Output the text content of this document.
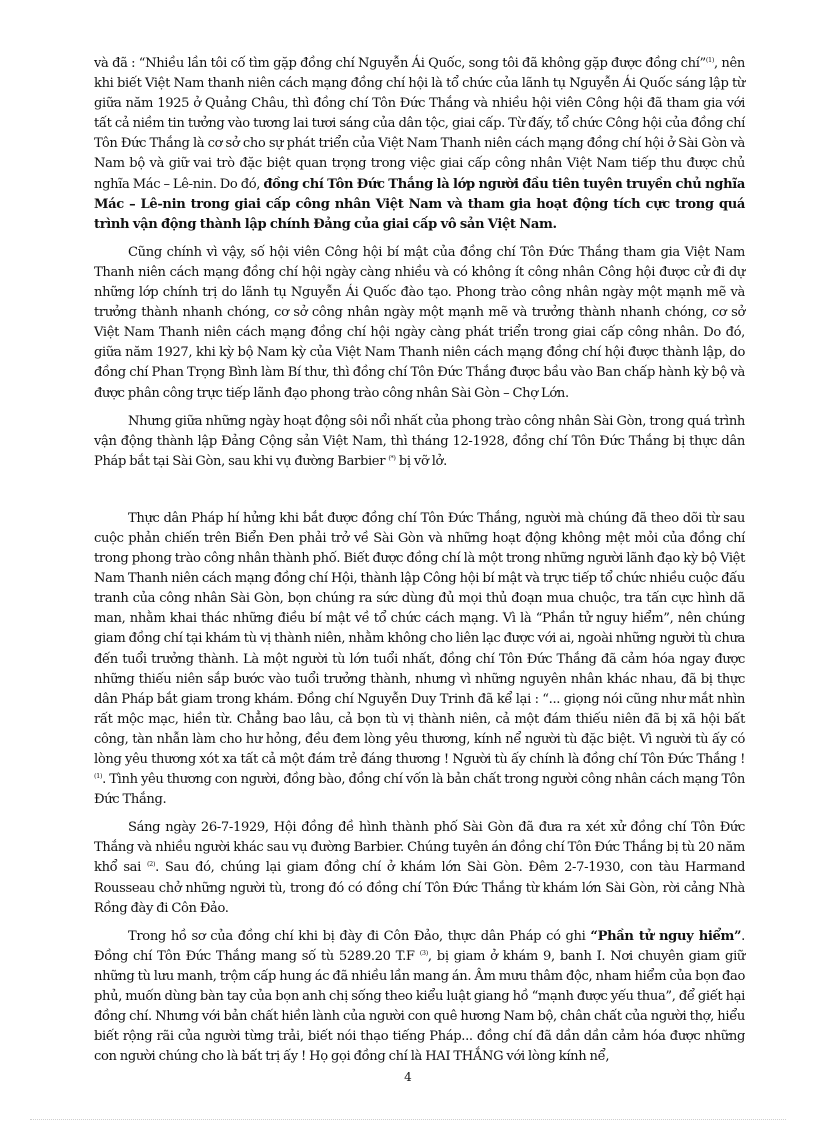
và đã : “Nhiều lần tôi cố tìm gặp đồng chí Nguyễn Ái Quốc, song tôi đã không gặp được đồng chí”$^{(1)}$, nên khi biết Việt Nam thanh niên cách mạng đồng chí hội là tổ chức của lãnh tụ Nguyễn Ái Quốc sáng lập từ giữa năm 1925 ở Quảng Châu, thì đồng chí Tôn Đức Thắng và nhiều hội viên Công hội đã tham gia với tất cả niềm tin tưởng vào tương lai tươi sáng của dân tộc, giai cấp. Từ đấy, tổ chức Công hội của đồng chí Tôn Đức Thắng là cơ sở cho sự phát triển của Việt Nam Thanh niên cách mạng đồng chí hội ở Sài Gòn và Nam bộ và giữ vai trò đặc biệt quan trọng trong việc giai cấp công nhân Việt Nam tiếp thu được chủ nghĩa Mác – Lê-nin. Do đó, đồng chí Tôn Đức Thắng là lớp người đầu tiên tuyên truyền chủ nghĩa Mác – Lê-nin trong giai cấp công nhân Việt Nam và tham gia hoạt động tích cực trong quá trình vận động thành lập chính Đảng của giai cấp vô sản Việt Nam.

Cũng chính vì vậy, số hội viên Công hội bí mật của đồng chí Tôn Đức Thắng tham gia Việt Nam Thanh niên cách mạng đồng chí hội ngày càng nhiều và có không ít công nhân Công hội được cử đi dự những lớp chính trị do lãnh tụ Nguyễn Ái Quốc đào tạo. Phong trào công nhân ngày một mạnh mẽ và trưởng thành nhanh chóng, cơ sở công nhân ngày một mạnh mẽ và trưởng thành nhanh chóng, cơ sở Việt Nam Thanh niên cách mạng đồng chí hội ngày càng phát triển trong giai cấp công nhân. Do đó, giữa năm 1927, khi kỳ bộ Nam kỳ của Việt Nam Thanh niên cách mạng đồng chí hội được thành lập, do đồng chí Phan Trọng Bình làm Bí thư, thì đồng chí Tôn Đức Thắng được bầu vào Ban chấp hành kỳ bộ và được phân công trực tiếp lãnh đạo phong trào công nhân Sài Gòn – Chợ Lớn.

Nhưng giữa những ngày hoạt động sôi nổi nhất của phong trào công nhân Sài Gòn, trong quá trình vận động thành lập Đảng Cộng sản Việt Nam, thì tháng 12-1928, đồng chí Tôn Đức Thắng bị thực dân Pháp bắt tại Sài Gòn, sau khi vụ đường Barbier (*) bị vỡ lở.

Thực dân Pháp hí hửng khi bắt được đồng chí Tôn Đức Thắng, người mà chúng đã theo dõi từ sau cuộc phản chiến trên Biển Đen phải trở về Sài Gòn và những hoạt động không mệt mỏi của đồng chí trong phong trào công nhân thành phố. Biết được đồng chí là một trong những người lãnh đạo kỳ bộ Việt Nam Thanh niên cách mạng đồng chí Hội, thành lập Công hội bí mật và trực tiếp tổ chức nhiều cuộc đấu tranh của công nhân Sài Gòn, bọn chúng ra sức dùng đủ mọi thủ đoạn mua chuộc, tra tấn cực hình dã man, nhằm khai thác những điều bí mật về tổ chức cách mạng. Vì là “Phần tử nguy hiểm”, nên chúng giam đồng chí tại khám tù vị thành niên, nhằm không cho liên lạc được với ai, ngoài những người tù chưa đến tuổi trưởng thành. Là một người tù lớn tuổi nhất, đồng chí Tôn Đức Thắng đã cảm hóa ngay được những thiếu niên sắp bước vào tuổi trưởng thành, nhưng vì những nguyên nhân khác nhau, đã bị thực dân Pháp bắt giam trong khám. Đồng chí Nguyễn Duy Trinh đã kể lại : “... giọng nói cũng như mắt nhìn rất mộc mạc, hiền từ. Chẳng bao lâu, cả bọn tù vị thành niên, cả một đám thiếu niên đã bị xã hội bất công, tàn nhẫn làm cho hư hỏng, đều đem lòng yêu thương, kính nể người tù đặc biệt. Vì người tù ấy có lòng yêu thương xót xa tất cả một đám trẻ đáng thương ! Người tù ấy chính là đồng chí Tôn Đức Thắng ! $^{(1)}$. Tình yêu thương con người, đồng bào, đồng chí vốn là bản chất trong người công nhân cách mạng Tôn Đức Thắng.

Sáng ngày 26-7-1929, Hội đồng đề hình thành phố Sài Gòn đã đưa ra xét xử đồng chí Tôn Đức Thắng và nhiều người khác sau vụ đường Barbier. Chúng tuyên án đồng chí Tôn Đức Thắng bị tù 20 năm khổ sai $^{(2)}$. Sau đó, chúng lại giam đồng chí ở khám lớn Sài Gòn. Đêm 2-7-1930, con tàu Harmand Rousseau chở những người tù, trong đó có đồng chí Tôn Đức Thắng từ khám lớn Sài Gòn, rời cảng Nhà Rồng đày đi Côn Đảo.

Trong hồ sơ của đồng chí khi bị đày đi Côn Đảo, thực dân Pháp có ghi “Phần tử nguy hiểm”. Đồng chí Tôn Đức Thắng mang số tù 5289.20 T.F $^{(3)}$, bị giam ở khám 9, banh I. Nơi chuyên giam giữ những tù lưu manh, trộm cấp hung ác đã nhiều lần mang án. Âm mưu thâm độc, nham hiểm của bọn đao phủ, muốn dùng bàn tay của bọn anh chị sống theo kiểu luật giang hồ “mạnh được yếu thua”, để giết hại đồng chí. Nhưng với bản chất hiền lành của người con quê hương Nam bộ, chân chất của người thợ, hiểu biết rộng rãi của người từng trải, biết nói thạo tiếng Pháp... đồng chí đã dần dần cảm hóa được những con người chúng cho là bất trị ấy ! Họ gọi đồng chí là HAI THẮNG với lòng kính nể,

4
